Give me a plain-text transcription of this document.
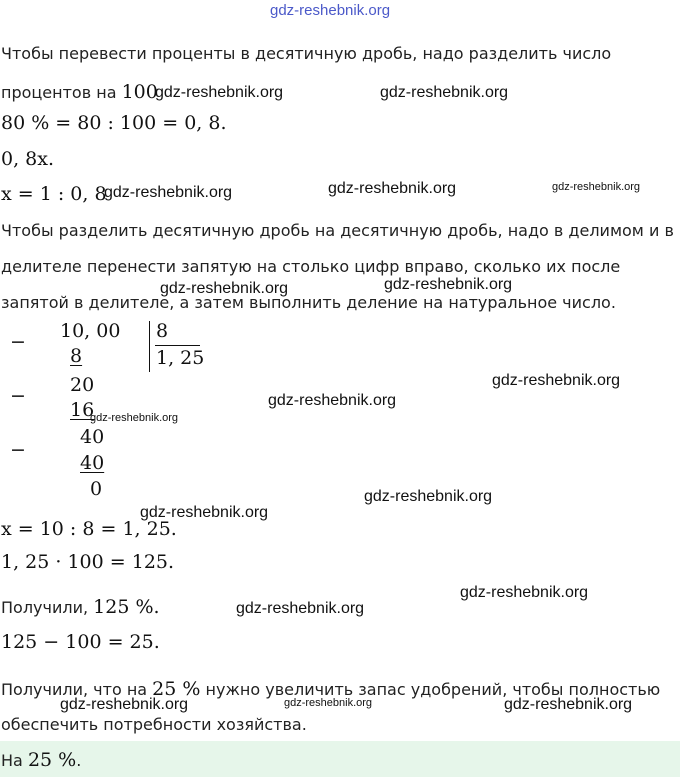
gdz-reshebnik.org
Чтобы перевести проценты в десятичную дробь, надо разделить число
процентов на 100
80 % = 80 : 100 = 0, 8.
0, 8x.
x = 1 : 0, 8
Чтобы разделить десятичную дробь на десятичную дробь, надо в делимом и в
делителе перенести запятую на столько цифр вправо, сколько их после
запятой в делителе, а затем выполнить деление на натуральное число.
−
−
−
10, 00
8
20
16
40
40
0
8
1, 25
x = 10 : 8 = 1, 25.
1, 25 · 100 = 125.
Получили, 125 %.
125 − 100 = 25.
Получили, что на 25 % нужно увеличить запас удобрений, чтобы полностью
обеспечить потребности хозяйства.
На 25 %.
gdz-reshebnik.org	gdz-reshebnik.org
gdz-reshebnik.org	gdz-reshebnik.org	gdz-reshebnik.org
gdz-reshebnik.org	gdz-reshebnik.org
gdz-reshebnik.org
gdz-reshebnik.org
gdz-reshebnik.org
gdz-reshebnik.org
gdz-reshebnik.org
gdz-reshebnik.org
gdz-reshebnik.org
gdz-reshebnik.org	gdz-reshebnik.org	gdz-reshebnik.org
